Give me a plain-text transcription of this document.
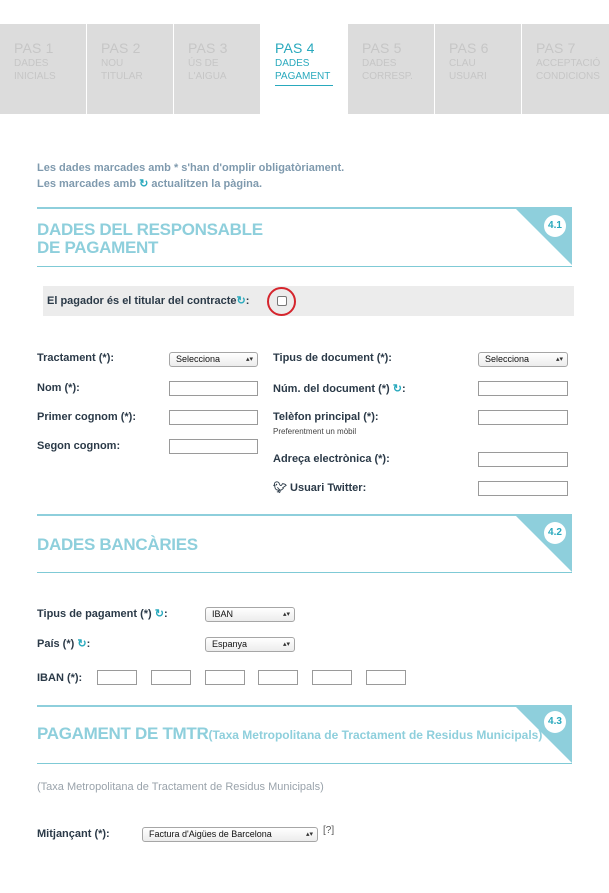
PAS 1
DADES
INICIALS
PAS 2
NOU
TITULAR
PAS 3
ÚS DE
L'AIGUA
PAS 4
DADES
PAGAMENT
PAS 5
DADES
CORRESP.
PAS 6
CLAU
USUARI
PAS 7
ACCEPTACIÓ
CONDICIONS
Les dades marcades amb * s'han d'omplir obligatòriament.
Les marcades amb ↻ actualitzen la pàgina.
DADES DEL RESPONSABLE
DE PAGAMENT
4.1
El pagador és el titular del contracte↻:
Tractament (*):	Selecciona	▴▾
Nom (*):
Primer cognom (*):
Segon cognom:
Tipus de document (*):	Selecciona	▴▾
Núm. del document (*) ↻:
Telèfon principal (*):
Preferentment un mòbil
Adreça electrònica (*):
🐦︎ Usuari Twitter:
DADES BANCÀRIES
4.2
Tipus de pagament (*) ↻:	IBAN	▴▾
País (*) ↻:	Espanya	▴▾
IBAN (*):
PAGAMENT DE TMTR(Taxa Metropolitana de Tractament de Residus Municipals)
4.3
(Taxa Metropolitana de Tractament de Residus Municipals)
Mitjançant (*):	Factura d'Aigües de Barcelona	▴▾ [?]
